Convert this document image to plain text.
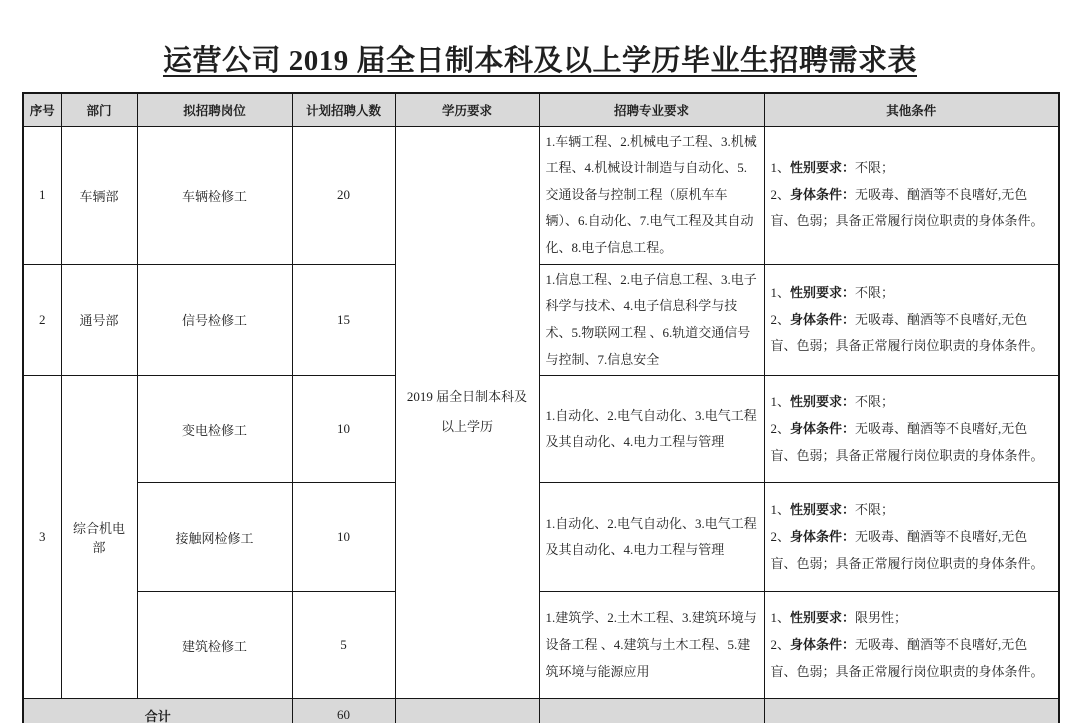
运营公司 2019 届全日制本科及以上学历毕业生招聘需求表
序号	部门	拟招聘岗位	计划招聘人数	学历要求	招聘专业要求	其他条件
1	车辆部	车辆检修工	20	2019 届全日制本科及以上学历	1.车辆工程、2.机械电子工程、3.机械工程、4.机械设计制造与自动化、5.交通设备与控制工程（原机车车辆）、6.自动化、7.电气工程及其自动化、8.电子信息工程。	1、性别要求：不限；
2、身体条件：无吸毒、酗酒等不良嗜好,无色盲、色弱；具备正常履行岗位职责的身体条件。

2	通号部	信号检修工	15		1.信息工程、2.电子信息工程、3.电子科学与技术、4.电子信息科学与技术、5.物联网工程 、6.轨道交通信号与控制、7.信息安全	1、性别要求：不限；
2、身体条件：无吸毒、酗酒等不良嗜好,无色盲、色弱；具备正常履行岗位职责的身体条件。

3	综合机电部	变电检修工	10		1.自动化、2.电气自动化、3.电气工程及其自动化、4.电力工程与管理	1、性别要求：不限；
2、身体条件：无吸毒、酗酒等不良嗜好,无色盲、色弱；具备正常履行岗位职责的身体条件。

		接触网检修工	10		1.自动化、2.电气自动化、3.电气工程及其自动化、4.电力工程与管理	1、性别要求：不限；
2、身体条件：无吸毒、酗酒等不良嗜好,无色盲、色弱；具备正常履行岗位职责的身体条件。

		建筑检修工	5		1.建筑学、2.土木工程、3.建筑环境与设备工程 、4.建筑与土木工程、5.建筑环境与能源应用	1、性别要求：限男性；
2、身体条件：无吸毒、酗酒等不良嗜好,无色盲、色弱；具备正常履行岗位职责的身体条件。

合计			60			
